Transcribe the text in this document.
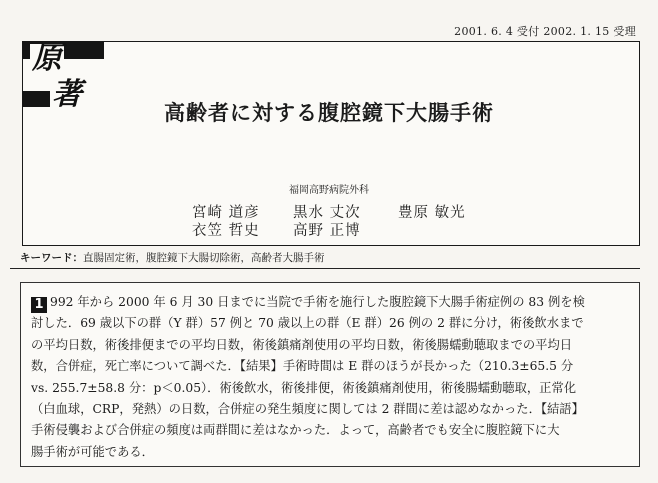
2001. 6. 4 受付 2002. 1. 15 受理
原
著
高齢者に対する腹腔鏡下大腸手術
福岡高野病院外科
宮崎 道彦 黒水 丈次	豊原 敏光
衣笠 哲史 高野 正博
キーワード：直腸固定術，腹腔鏡下大腸切除術，高齢者大腸手術
1 992 年から 2000 年 6 月 30 日までに当院で手術を施行した腹腔鏡下大腸手術症例の 83 例を検
討した．69 歳以下の群（Y 群）57 例と 70 歳以上の群（E 群）26 例の 2 群に分け，術後飲水まで
の平均日数，術後排便までの平均日数，術後鎮痛剤使用の平均日数，術後腸蠕動聴取までの平均日
数，合併症，死亡率について調べた．【結果】手術時間は E 群のほうが長かった（210.3±65.5 分
vs. 255.7±58.8 分：p＜0.05）．術後飲水，術後排便，術後鎮痛剤使用，術後腸蠕動聴取，正常化
（白血球，CRP，発熱）の日数，合併症の発生頻度に関しては 2 群間に差は認めなかった．【結語】
手術侵襲および合併症の頻度は両群間に差はなかった．よって，高齢者でも安全に腹腔鏡下に大
腸手術が可能である．
